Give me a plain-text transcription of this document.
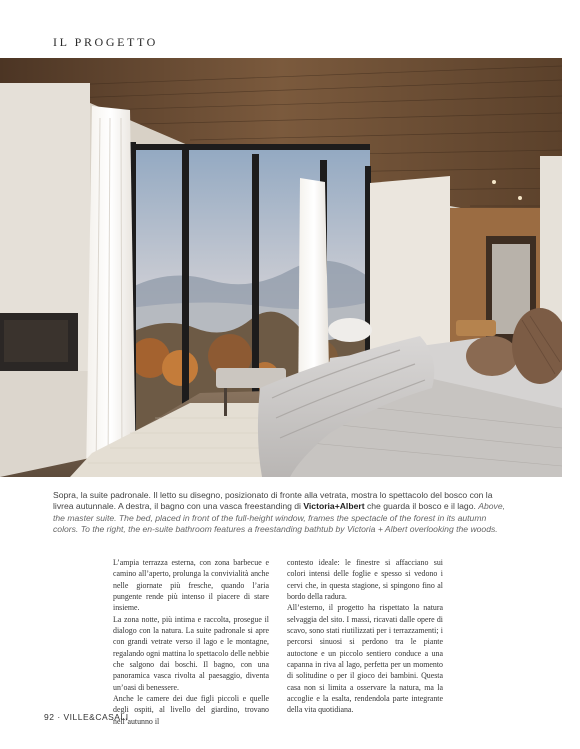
IL PROGETTO
Sopra, la suite padronale. Il letto su disegno, posizionato di fronte alla vetrata, mostra lo spettacolo del bosco con la livrea autunnale. A destra, il bagno con una vasca freestanding di Victoria+Albert che guarda il bosco e il lago. Above, the master suite. The bed, placed in front of the full-height window, frames the spectacle of the forest in its autumn colors. To the right, the en-suite bathroom features a freestanding bathtub by Victoria + Albert overlooking the woods.

L’ampia terrazza esterna, con zona barbecue e camino all’aperto, prolunga la convivialità anche nelle giornate più fresche, quando l’aria pungente rende più intenso il piacere di stare insieme.

La zona notte, più intima e raccolta, prosegue il dialogo con la natura. La suite padronale si apre con grandi vetrate verso il lago e le montagne, regalando ogni mattina lo spettacolo delle nebbie che salgono dai boschi. Il bagno, con una panoramica vasca rivolta al paesaggio, diventa un’oasi di benessere.

Anche le camere dei due figli piccoli e quelle degli ospiti, al livello del giardino, trovano nell’autunno il

contesto ideale: le finestre si affacciano sui colori intensi delle foglie e spesso si vedono i cervi che, in questa stagione, si spingono fino al bordo della radura.

All’esterno, il progetto ha rispettato la natura selvaggia del sito. I massi, ricavati dalle opere di scavo, sono stati riutilizzati per i terrazzamenti; i percorsi sinuosi si perdono tra le piante autoctone e un piccolo sentiero conduce a una capanna in riva al lago, perfetta per un momento di solitudine o per il gioco dei bambini. Questa casa non si limita a osservare la natura, ma la accoglie e la esalta, rendendola parte integrante della vita quotidiana.

92 · VILLE&CASALI
